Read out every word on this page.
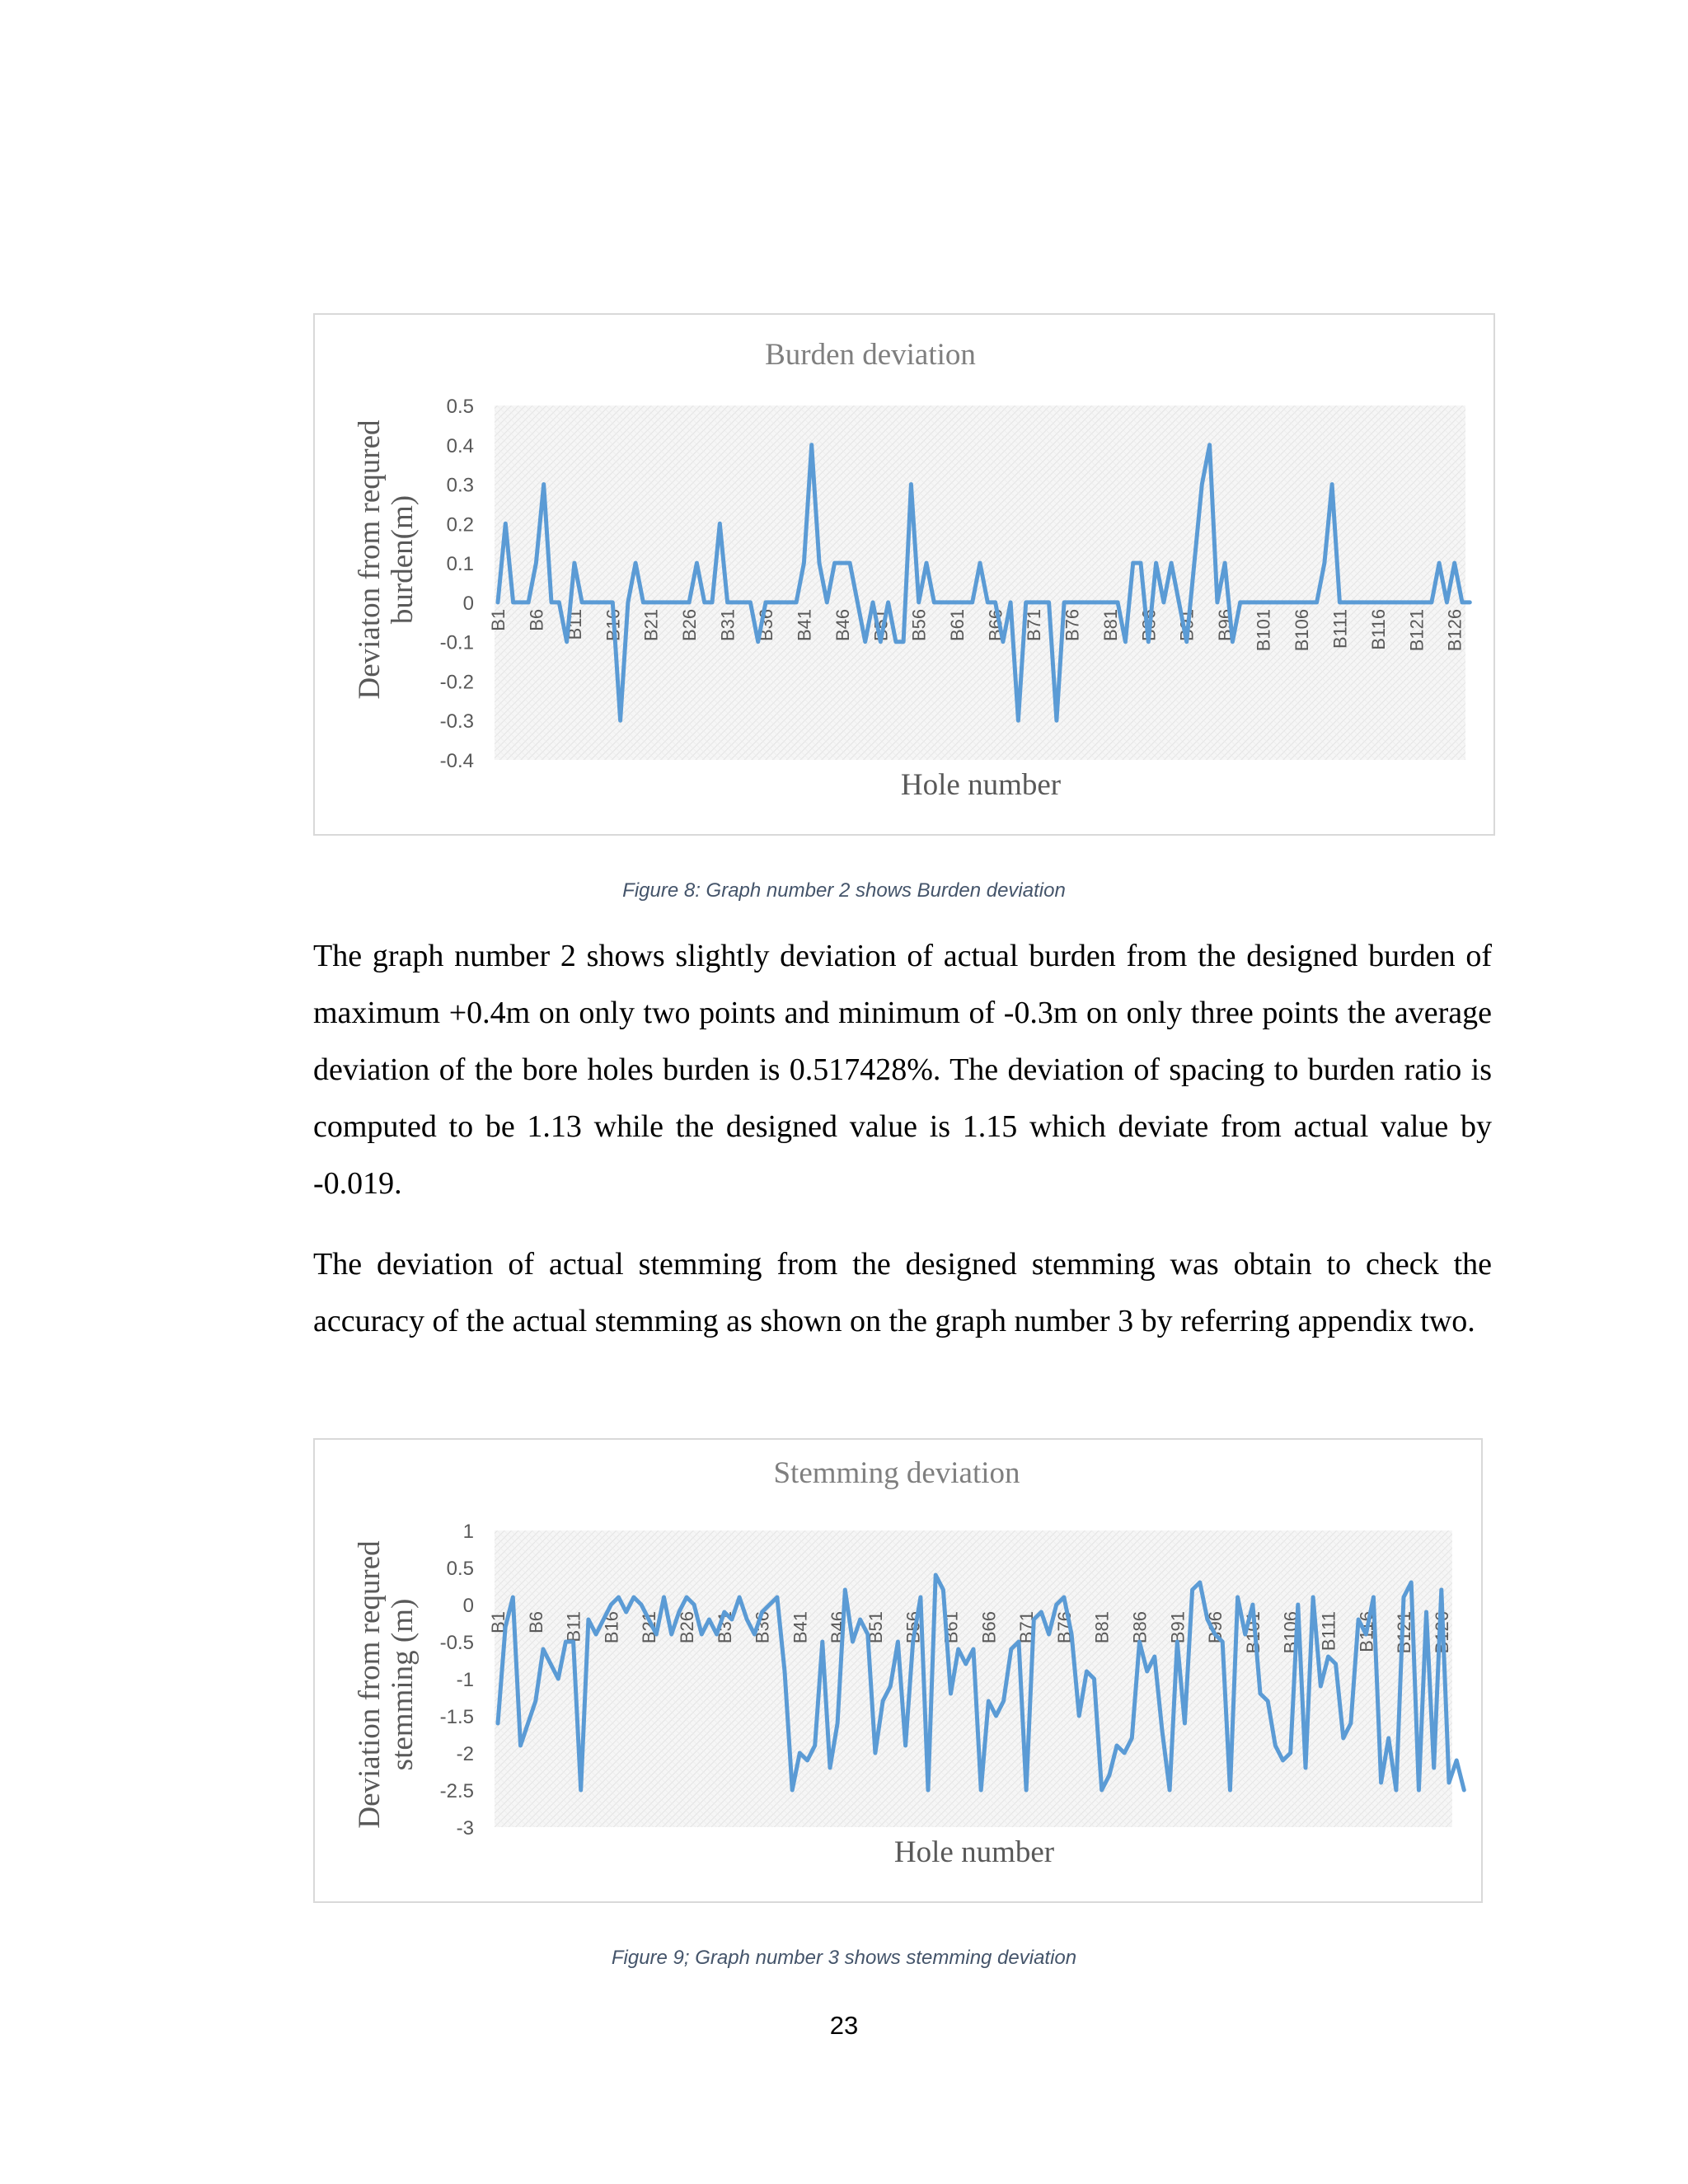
Burden deviation
0.5
0.4
0.3
0.2
0.1
0
-0.1
-0.2
-0.3
-0.4
Deviaton from requredburden(m)
Hole number
B1 B6 B11 B16 B21 B26 B31 B36 B41 B46 B51 B56 B61 B66 B71 B76 B81 B86 B91 B96 B101 B106 B111 B116 B121 B126
Figure 8: Graph number 2 shows Burden deviation

The graph number 2 shows slightly deviation of actual burden from the designed burden of maximum +0.4m on only two points and minimum of -0.3m on only three points the average deviation of the bore holes burden is 0.517428%. The deviation of spacing to burden ratio is computed to be 1.13 while the designed value is 1.15 which deviate from actual value by -0.019.

The deviation of actual stemming from the designed stemming was obtain to check the accuracy of the actual stemming as shown on the graph number 3 by referring appendix two.

Stemming deviation
1
0.5
0
-0.5
-1
-1.5
-2
-2.5
-3
Deviation from requredstemming (m)
Hole number
B1 B6 B11 B16 B21 B26 B31 B36 B41 B46 B51 B56 B61 B66 B71 B76 B81 B86 B91 B96 B101 B106 B111 B116 B121 B126
Figure 9; Graph number 3 shows stemming deviation
23
